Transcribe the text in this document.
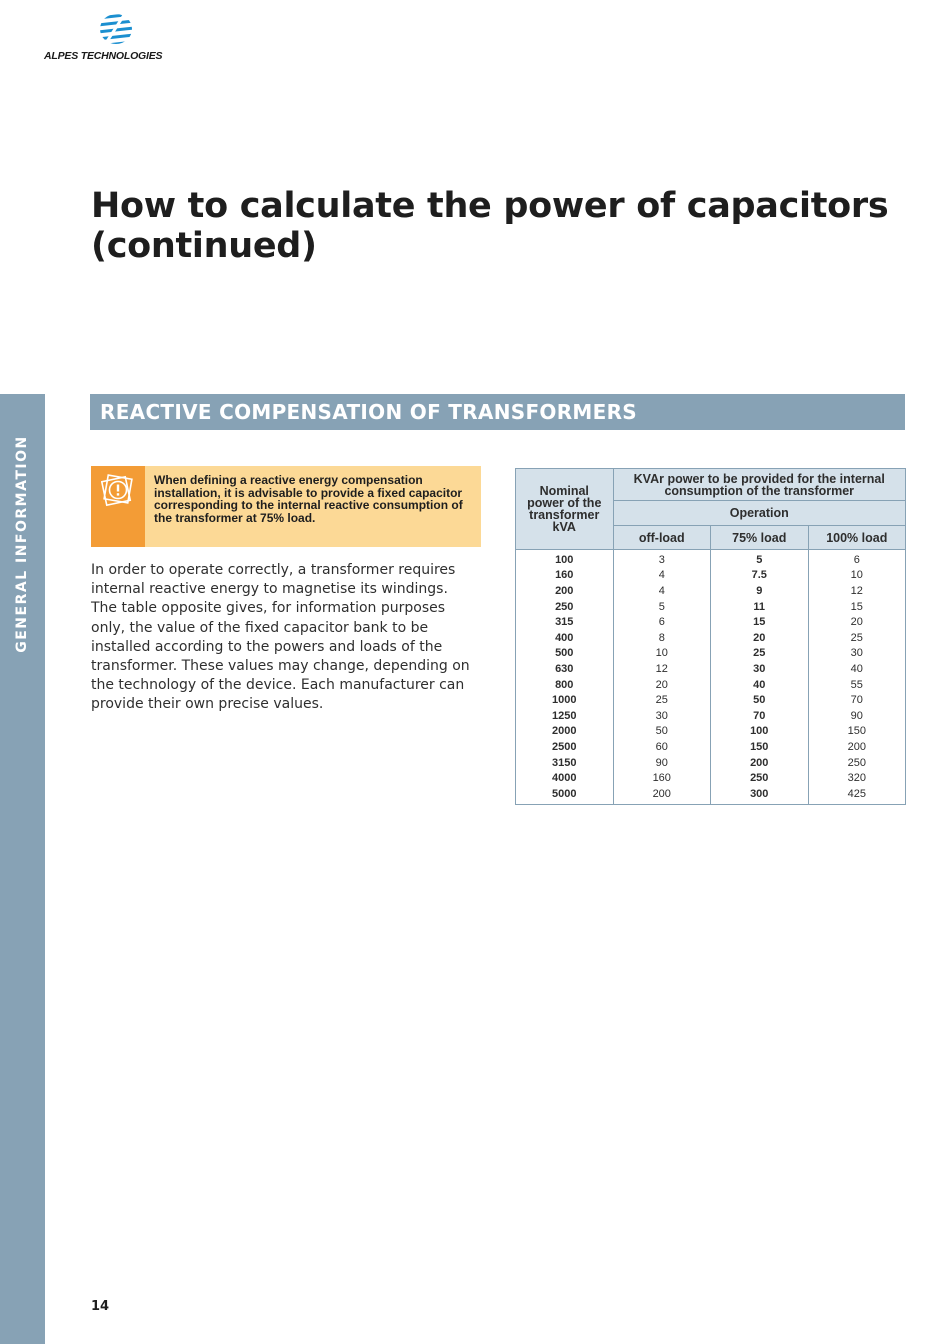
ALPES TECHNOLOGIES
How to calculate the power of capacitors
(continued)
GENERAL INFORMATION
REACTIVE COMPENSATION OF TRANSFORMERS

When defining a reactive energy compensation installation, it is advisable to provide a fixed capacitor corresponding to the internal reactive consumption of the transformer at 75% load.

In order to operate correctly, a transformer requires internal reactive energy to magnetise its windings. The table opposite gives, for information purposes only, the value of the fixed capacitor bank to be installed according to the powers and loads of the transformer. These values may change, depending on the technology of the device. Each manufacturer can provide their own precise values.

Nominal power of the transformer kVA	KVAr power to be provided for the internal consumption of the transformer		
	Operation		
	off-load	75% load	100% load
100	3	5	6
160	4	7.5	10
200	4	9	12
250	5	11	15
315	6	15	20
400	8	20	25
500	10	25	30
630	12	30	40
800	20	40	55
1000	25	50	70
1250	30	70	90
2000	50	100	150
2500	60	150	200
3150	90	200	250
4000	160	250	320
5000	200	300	425
14
